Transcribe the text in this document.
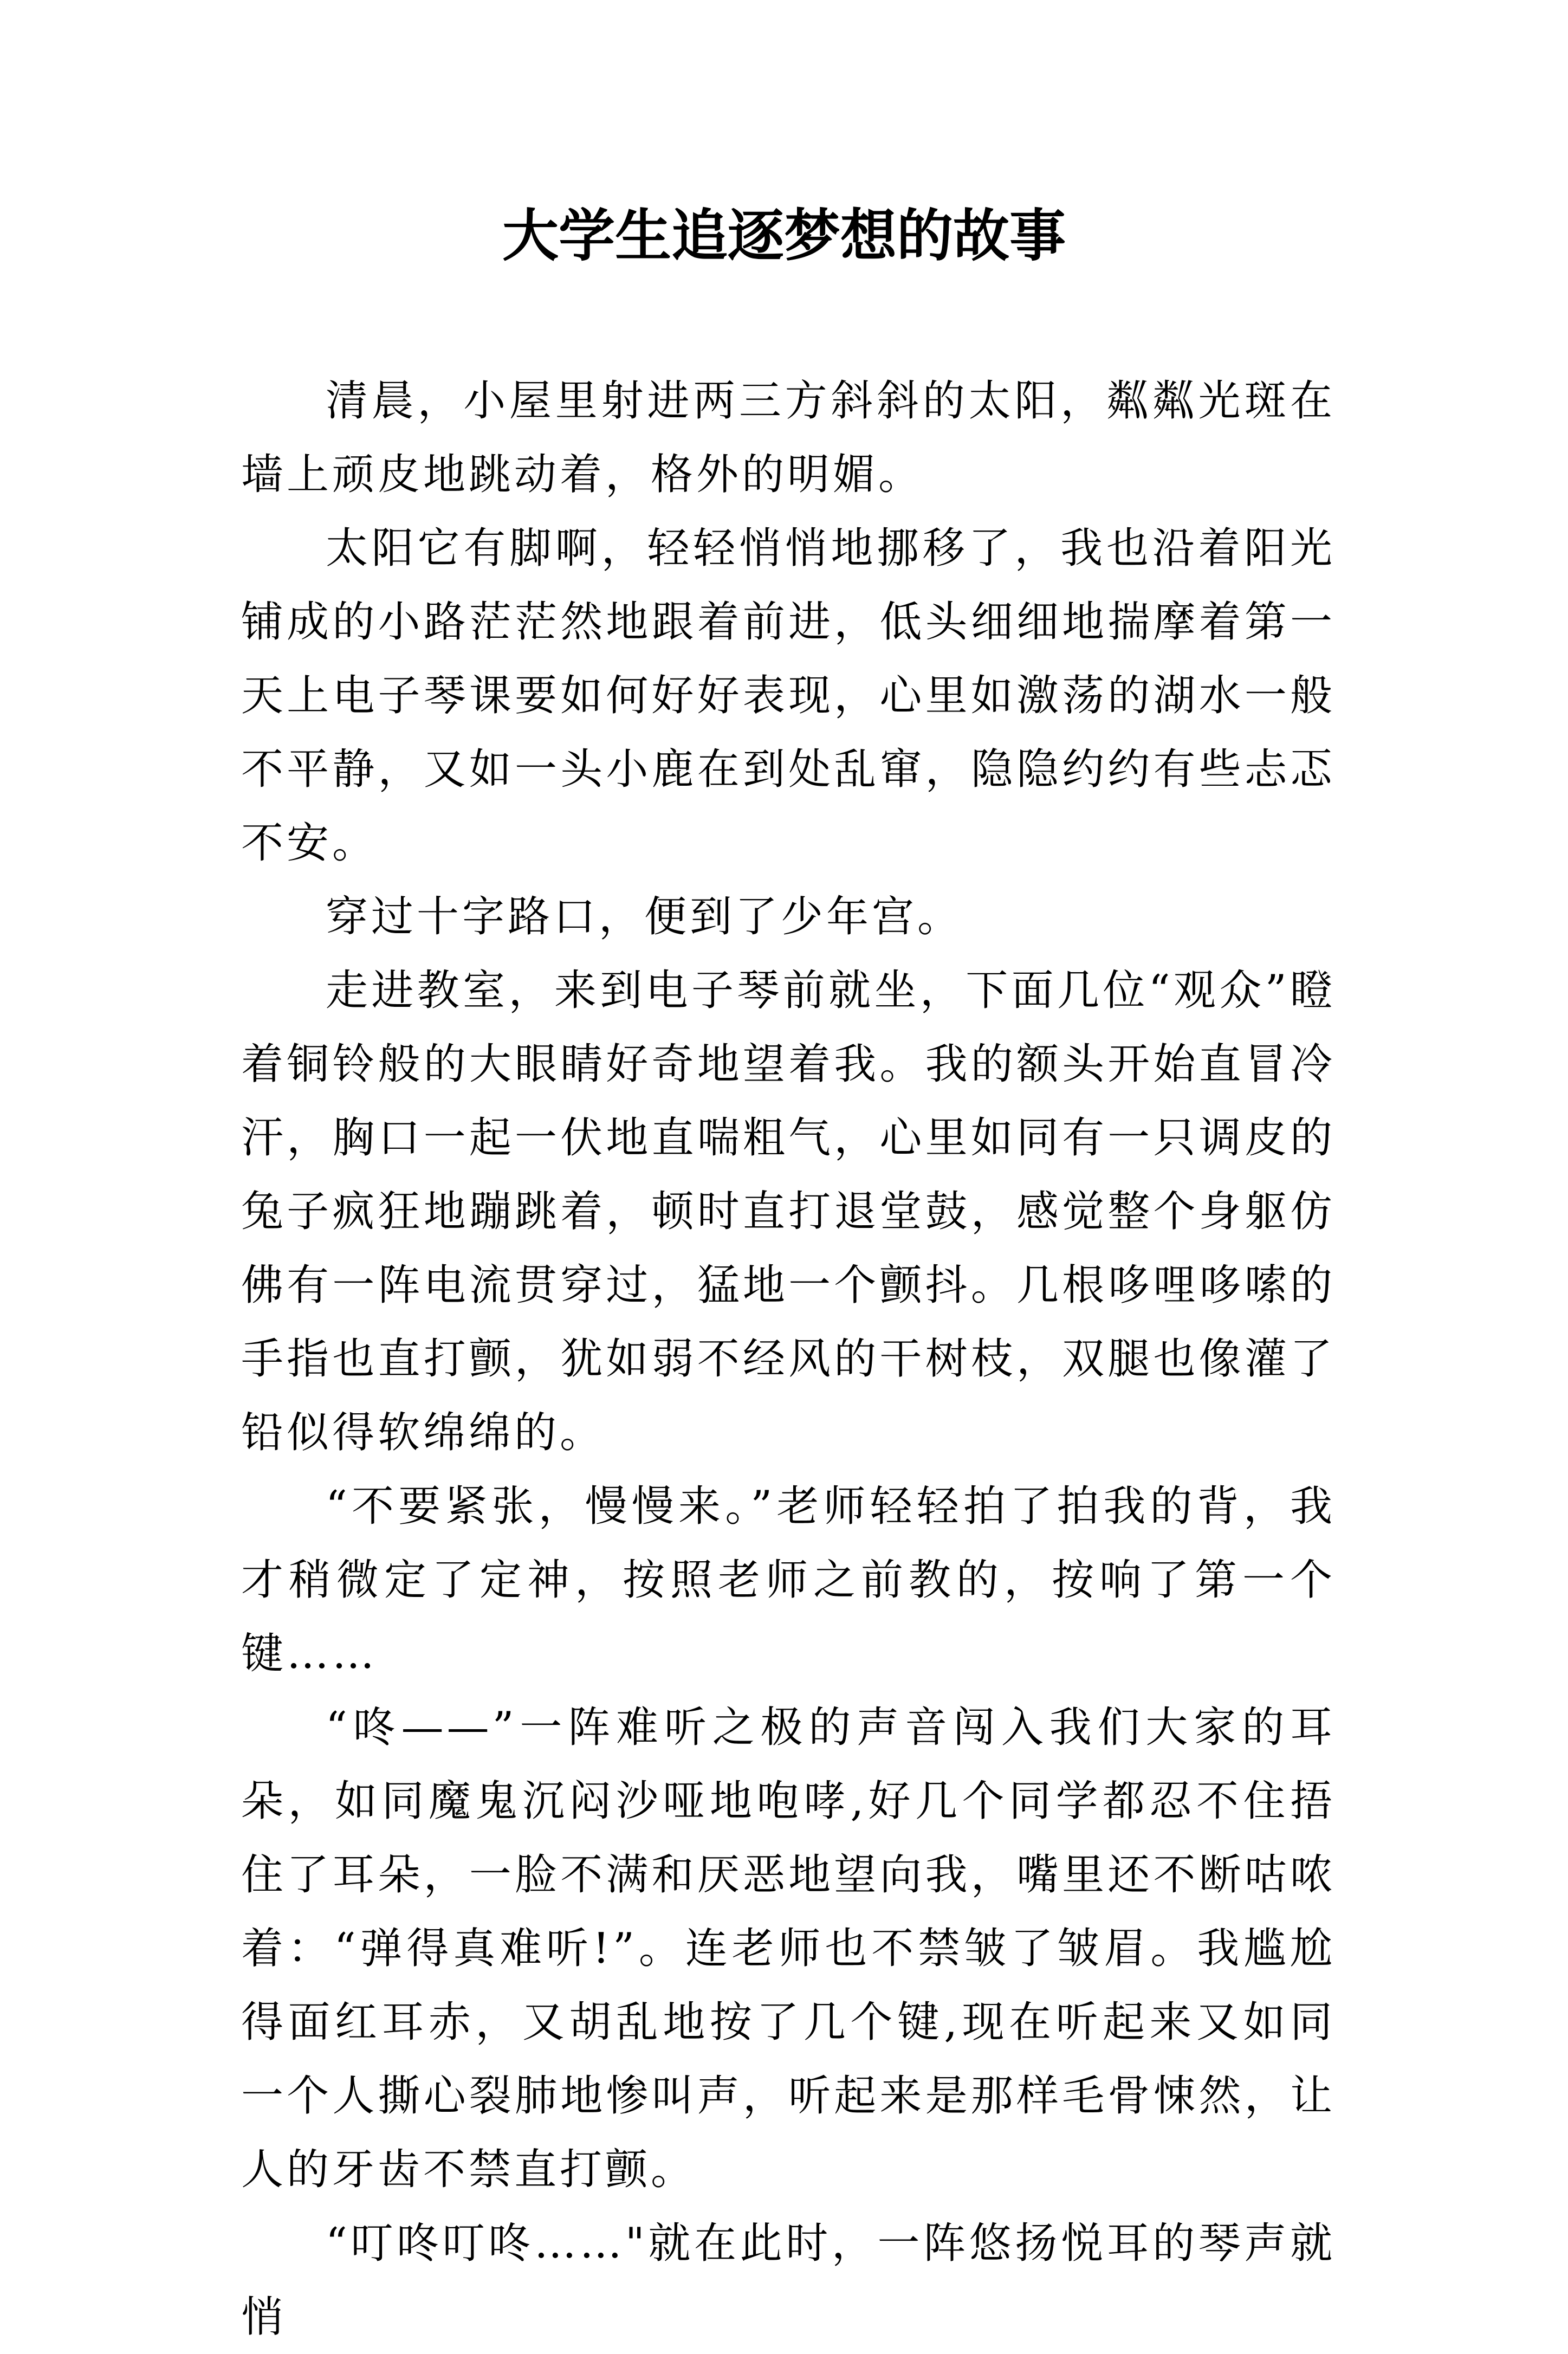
大学生追逐梦想的故事

清晨，小屋里射进两三方斜斜的太阳，粼粼光斑在墙上顽皮地跳动着，格外的明媚。

太阳它有脚啊，轻轻悄悄地挪移了，我也沿着阳光铺成的小路茫茫然地跟着前进，低头细细地揣摩着第一天上电子琴课要如何好好表现，心里如激荡的湖水一般不平静，又如一头小鹿在到处乱窜，隐隐约约有些忐忑不安。

穿过十字路口，便到了少年宫。

走进教室，来到电子琴前就坐，下面几位“观众”瞪着铜铃般的大眼睛好奇地望着我。我的额头开始直冒冷汗，胸口一起一伏地直喘粗气，心里如同有一只调皮的兔子疯狂地蹦跳着，顿时直打退堂鼓，感觉整个身躯仿佛有一阵电流贯穿过，猛地一个颤抖。几根哆哩哆嗦的手指也直打颤，犹如弱不经风的干树枝，双腿也像灌了铅似得软绵绵的。

“不要紧张，慢慢来。”老师轻轻拍了拍我的背，我才稍微定了定神，按照老师之前教的，按响了第一个键……

“咚——”一阵难听之极的声音闯入我们大家的耳朵，如同魔鬼沉闷沙哑地咆哮,好几个同学都忍不住捂住了耳朵，一脸不满和厌恶地望向我，嘴里还不断咕哝着：“弹得真难听!”。连老师也不禁皱了皱眉。我尴尬得面红耳赤，又胡乱地按了几个键,现在听起来又如同一个人撕心裂肺地惨叫声，听起来是那样毛骨悚然，让人的牙齿不禁直打颤。

“叮咚叮咚……"就在此时，一阵悠扬悦耳的琴声就悄
